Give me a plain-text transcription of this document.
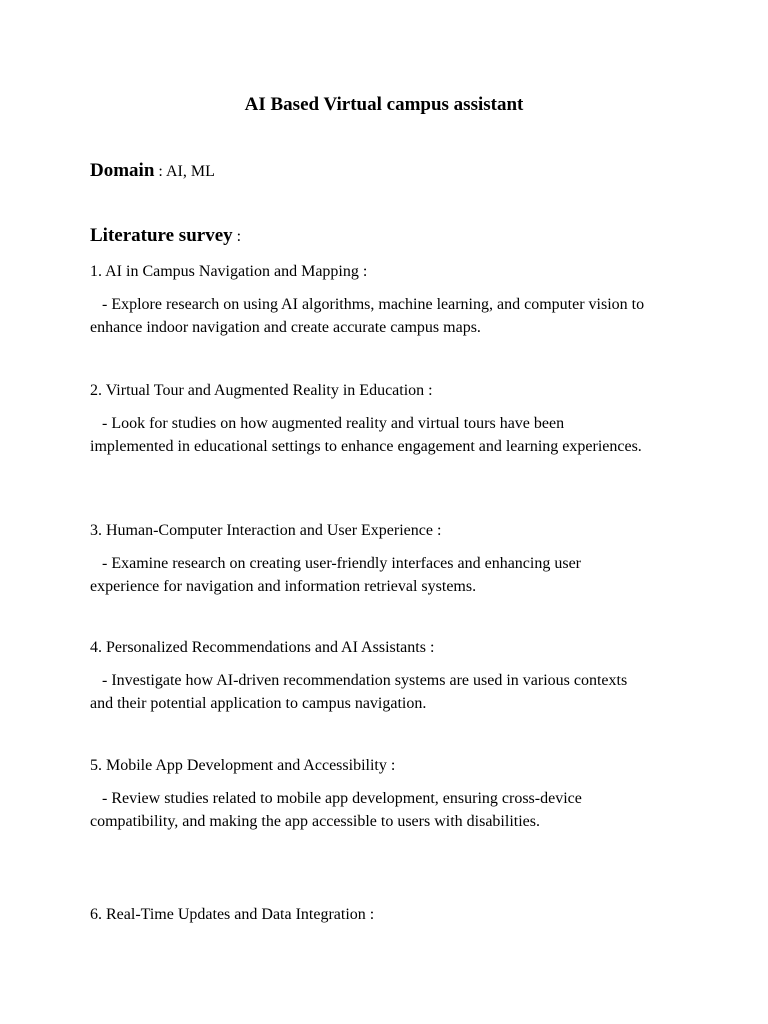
AI Based Virtual campus assistant
Domain : AI, ML
Literature survey :

1. AI in Campus Navigation and Mapping :

- Explore research on using AI algorithms, machine learning, and computer vision to enhance indoor navigation and create accurate campus maps.

2. Virtual Tour and Augmented Reality in Education :

- Look for studies on how augmented reality and virtual tours have been implemented in educational settings to enhance engagement and learning experiences.

3. Human-Computer Interaction and User Experience :

- Examine research on creating user-friendly interfaces and enhancing user experience for navigation and information retrieval systems.

4. Personalized Recommendations and AI Assistants :

- Investigate how AI-driven recommendation systems are used in various contexts and their potential application to campus navigation.

5. Mobile App Development and Accessibility :

- Review studies related to mobile app development, ensuring cross-device compatibility, and making the app accessible to users with disabilities.

6. Real-Time Updates and Data Integration :
